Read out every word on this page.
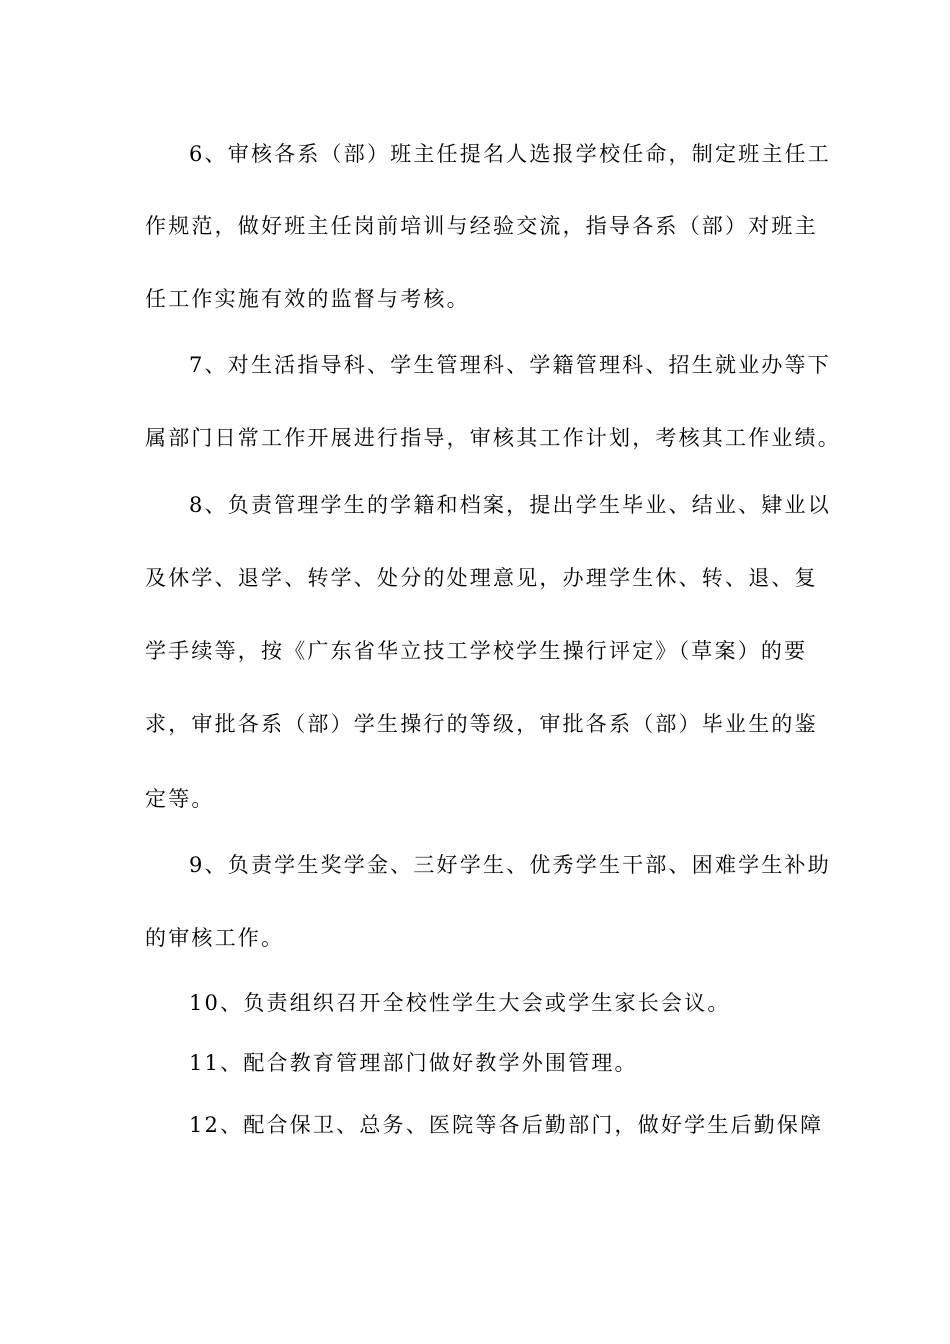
6、审核各系（部）班主任提名人选报学校任命，制定班主任工
作规范，做好班主任岗前培训与经验交流，指导各系（部）对班主
任工作实施有效的监督与考核。
7、对生活指导科、学生管理科、学籍管理科、招生就业办等下
属部门日常工作开展进行指导，审核其工作计划，考核其工作业绩。
8、负责管理学生的学籍和档案，提出学生毕业、结业、肄业以
及休学、退学、转学、处分的处理意见，办理学生休、转、退、复
学手续等，按《广东省华立技工学校学生操行评定》（草案）的要
求，审批各系（部）学生操行的等级，审批各系（部）毕业生的鉴
定等。
9、负责学生奖学金、三好学生、优秀学生干部、困难学生补助
的审核工作。
10、负责组织召开全校性学生大会或学生家长会议。
11、配合教育管理部门做好教学外围管理。
12、配合保卫、总务、医院等各后勤部门，做好学生后勤保障
